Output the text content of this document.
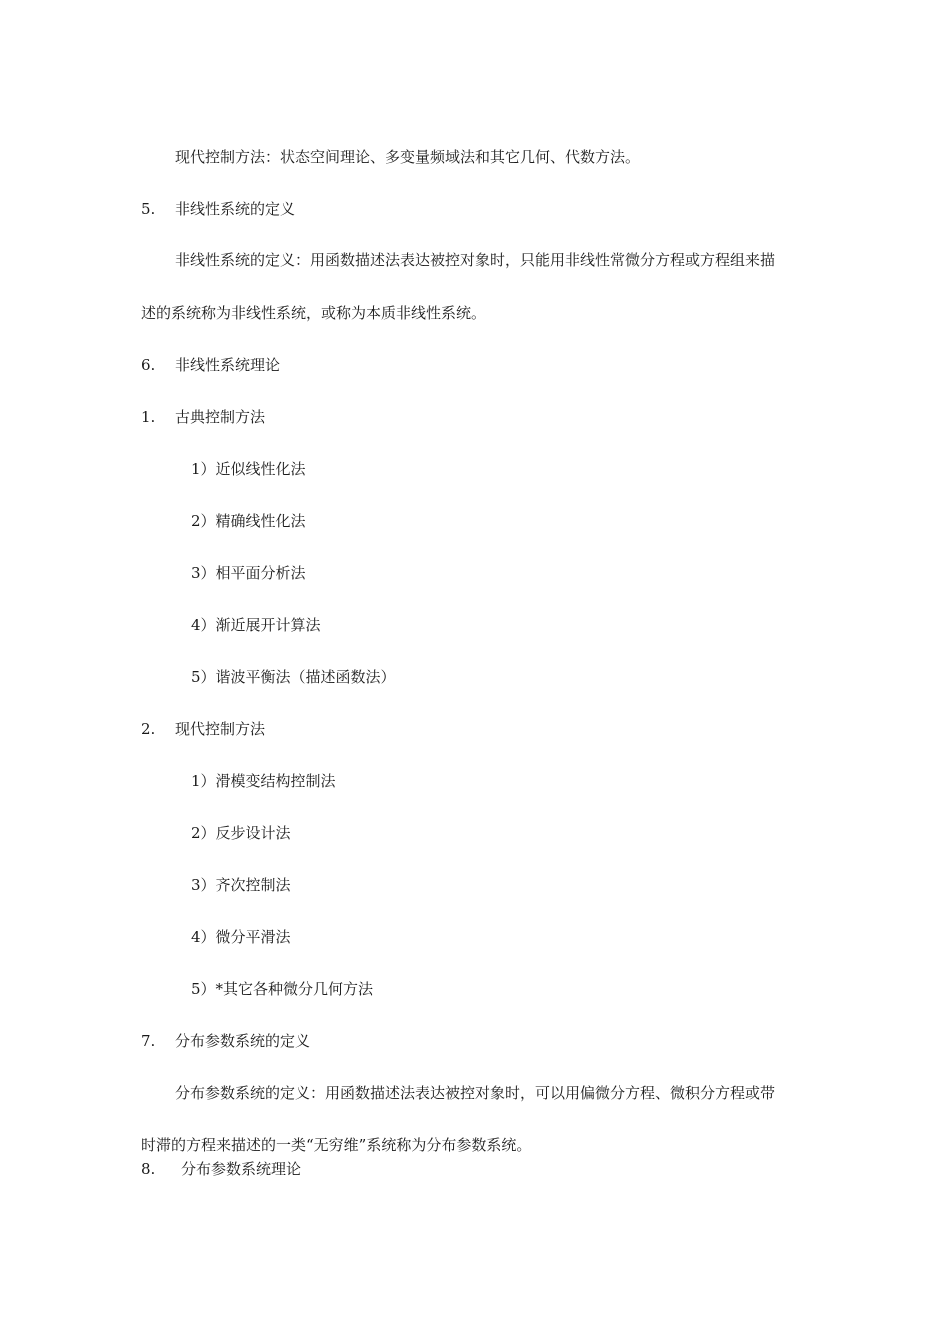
现代控制方法：状态空间理论、多变量频域法和其它几何、代数方法。
5. 非线性系统的定义
非线性系统的定义：用函数描述法表达被控对象时，只能用非线性常微分方程或方程组来描
述的系统称为非线性系统，或称为本质非线性系统。
6. 非线性系统理论
1. 古典控制方法
1）近似线性化法
2）精确线性化法
3）相平面分析法
4）渐近展开计算法
5）谐波平衡法（描述函数法）
2. 现代控制方法
1）滑模变结构控制法
2）反步设计法
3）齐次控制法
4）微分平滑法
5）*其它各种微分几何方法
7. 分布参数系统的定义
分布参数系统的定义：用函数描述法表达被控对象时，可以用偏微分方程、微积分方程或带
时滞的方程来描述的一类“无穷维”系统称为分布参数系统。
8. 分布参数系统理论
